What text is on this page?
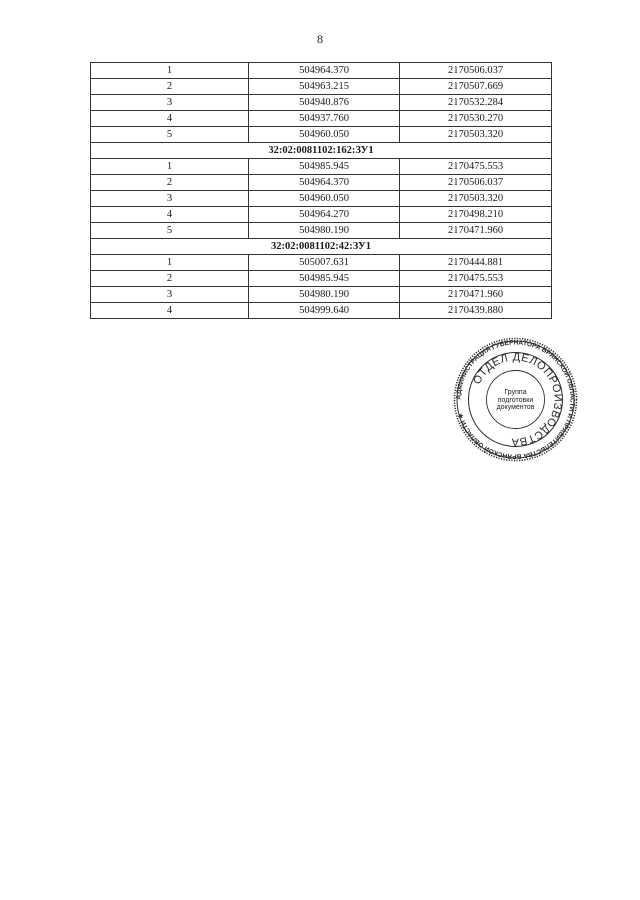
8
1	504964.370	2170506.037
2	504963.215	2170507.669
3	504940.876	2170532.284
4	504937.760	2170530.270
5	504960.050	2170503.320
32:02:0081102:162:ЗУ1		
1	504985.945	2170475.553
2	504964.370	2170506.037
3	504960.050	2170503.320
4	504964.270	2170498.210
5	504980.190	2170471.960
32:02:0081102:42:ЗУ1		
1	505007.631	2170444.881
2	504985.945	2170475.553
3	504980.190	2170471.960
4	504999.640	2170439.880
АДМИНИСТРАЦИЯ ГУБЕРНАТОРА БРЯНСКОЙ ОБЛАСТИ И ПРАВИТЕЛЬСТВА БРЯНСКОЙ ОБЛАСТИ ✱
ОТДЕЛ ДЕЛОПРОИЗВОДСТВА
Группа
подготовки
документов
